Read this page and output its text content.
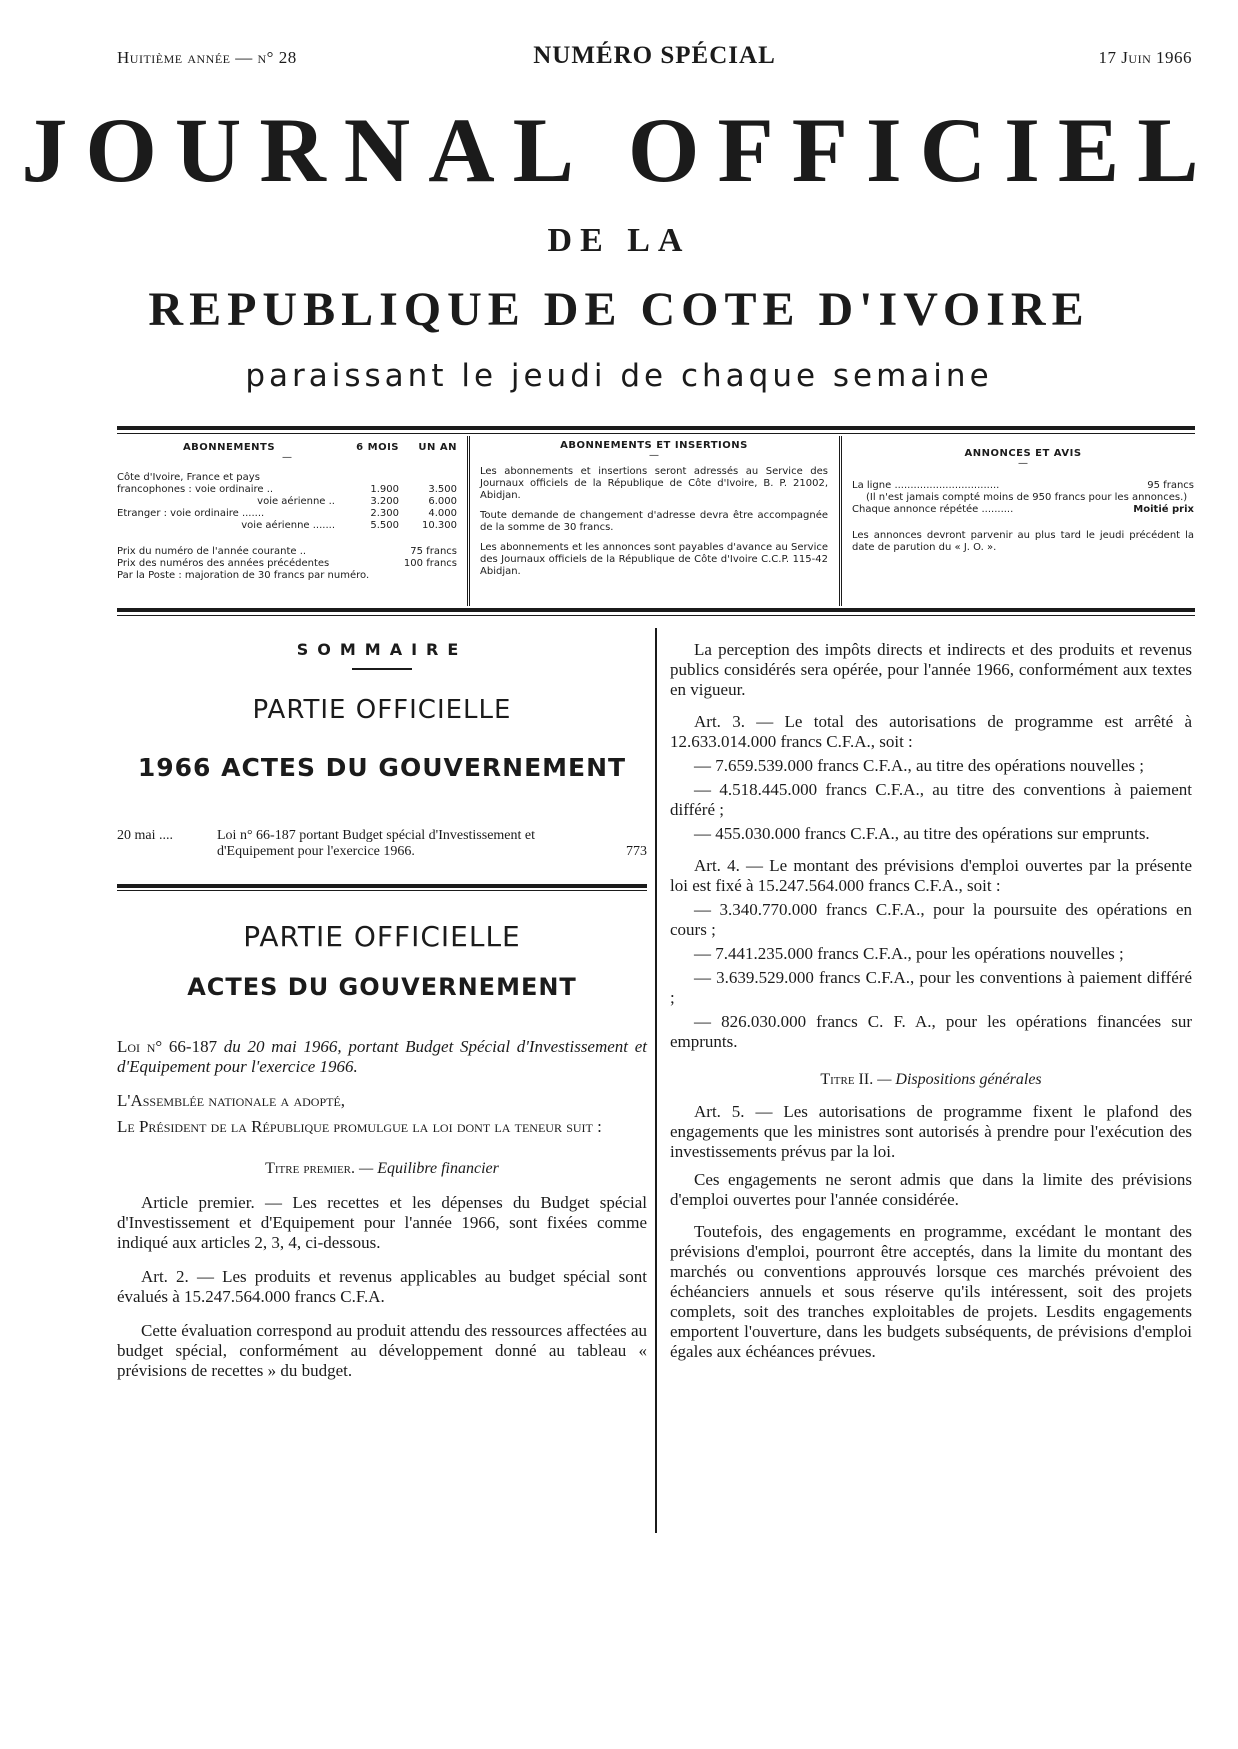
Huitième année — n° 28	NUMÉRO SPÉCIAL	17 Juin 1966
JOURNAL OFFICIEL
DE LA
REPUBLIQUE DE COTE D'IVOIRE
paraissant le jeudi de chaque semaine
ABONNEMENTS	6 MOIS	UN AN
—
Côte d'Ivoire, France et pays
francophones : voie ordinaire ..	1.900	3.500
voie aérienne ..	3.200	6.000
Etranger : voie ordinaire .......	2.300	4.000
voie aérienne .......	5.500	10.300
Prix du numéro de l'année courante ..	75 francs
Prix des numéros des années précédentes	100 francs
Par la Poste : majoration de 30 francs par numéro.
ABONNEMENTS ET INSERTIONS
—

Les abonnements et insertions seront adressés au Service des Journaux officiels de la République de Côte d'Ivoire, B. P. 21002, Abidjan.

Toute demande de changement d'adresse devra être accompagnée de la somme de 30 francs.

Les abonnements et les annonces sont payables d'avance au Service des Journaux officiels de la République de Côte d'Ivoire C.C.P. 115-42 Abidjan.

ANNONCES ET AVIS
—
La ligne .................................	95 francs

(Il n'est jamais compté moins de 950 francs pour les annonces.)

Chaque annonce répétée ..........	Moitié prix

Les annonces devront parvenir au plus tard le jeudi précédent la date de parution du « J. O. ».

SOMMAIRE
PARTIE OFFICIELLE
1966 ACTES DU GOUVERNEMENT
20 mai ....	Loi n° 66-187 portant Budget spécial d'Investissement et d'Equipement pour l'exercice 1966.	773
PARTIE OFFICIELLE
ACTES DU GOUVERNEMENT
Loi n° 66-187 du 20 mai 1966, portant Budget Spécial d'Investissement et d'Equipement pour l'exercice 1966.

L'Assemblée nationale a adopté,

Le Président de la République promulgue la loi dont la teneur suit :

Titre premier. — Equilibre financier

Article premier. — Les recettes et les dépenses du Budget spécial d'Investissement et d'Equipement pour l'année 1966, sont fixées comme indiqué aux articles 2, 3, 4, ci-dessous.

Art. 2. — Les produits et revenus applicables au budget spécial sont évalués à 15.247.564.000 francs C.F.A.

Cette évaluation correspond au produit attendu des ressources affectées au budget spécial, conformément au développement donné au tableau « prévisions de recettes » du budget.

La perception des impôts directs et indirects et des produits et revenus publics considérés sera opérée, pour l'année 1966, conformément aux textes en vigueur.

Art. 3. — Le total des autorisations de programme est arrêté à 12.633.014.000 francs C.F.A., soit :

— 7.659.539.000 francs C.F.A., au titre des opérations nouvelles ;

— 4.518.445.000 francs C.F.A., au titre des conventions à paiement différé ;

— 455.030.000 francs C.F.A., au titre des opérations sur emprunts.

Art. 4. — Le montant des prévisions d'emploi ouvertes par la présente loi est fixé à 15.247.564.000 francs C.F.A., soit :

— 3.340.770.000 francs C.F.A., pour la poursuite des opérations en cours ;

— 7.441.235.000 francs C.F.A., pour les opérations nouvelles ;

— 3.639.529.000 francs C.F.A., pour les conventions à paiement différé ;

— 826.030.000 francs C. F. A., pour les opérations financées sur emprunts.

Titre II. — Dispositions générales

Art. 5. — Les autorisations de programme fixent le plafond des engagements que les ministres sont autorisés à prendre pour l'exécution des investissements prévus par la loi.

Ces engagements ne seront admis que dans la limite des prévisions d'emploi ouvertes pour l'année considérée.

Toutefois, des engagements en programme, excédant le montant des prévisions d'emploi, pourront être acceptés, dans la limite du montant des marchés ou conventions approuvés lorsque ces marchés prévoient des échéanciers annuels et sous réserve qu'ils intéressent, soit des projets complets, soit des tranches exploitables de projets. Lesdits engagements emportent l'ouverture, dans les budgets subséquents, de prévisions d'emploi égales aux échéances prévues.
